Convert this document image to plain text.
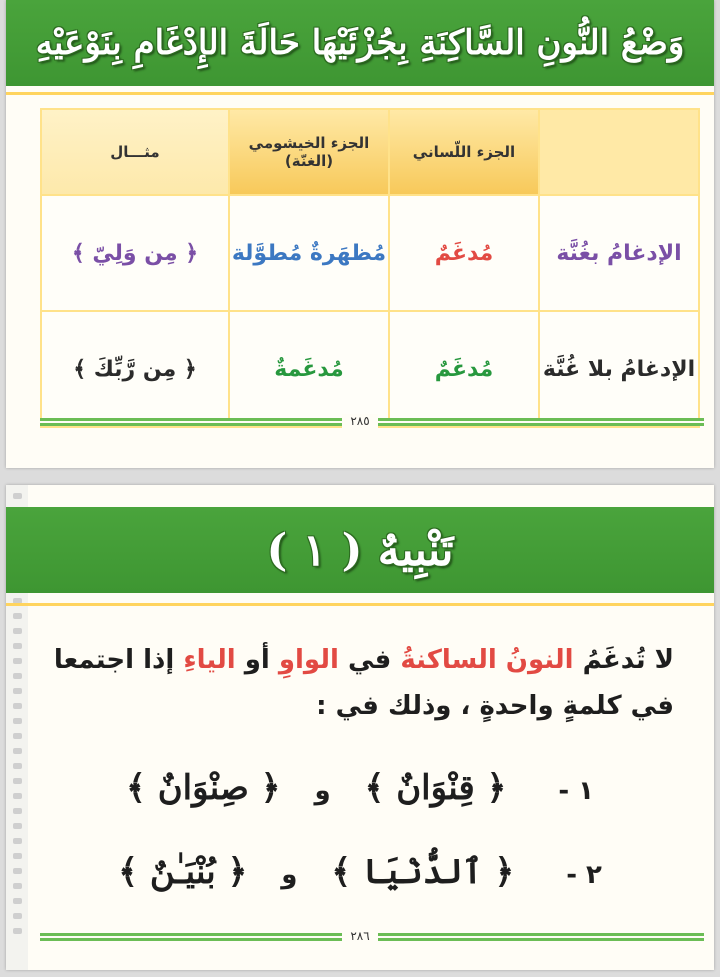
وَضْعُ النُّونِ السَّاكِنَةِ بِجُزْئَيْهَا حَالَةَ الإِدْغَامِ بِنَوْعَيْهِ
	الجزء اللّساني	الجزء الخيشومي (الغنّة)	مثـــال
الإدغامُ بغُنَّة	مُدغَمٌ	مُظهَرةٌ مُطوَّلة	﴿ مِن وَلِيّ ﴾
الإدغامُ بلا غُنَّة	مُدغَمٌ	مُدغَمةٌ	﴿ مِن رَّبِّكَ ﴾
٢٨٥
تَنْبِيهٌ ( ١ )
لا تُدغَمُ النونُ الساكنةُ في الواوِ أو الياءِ إذا اجتمعا
في كلمةٍ واحدةٍ ، وذلك في :
١ - ﴿ قِنْوَانٌ ﴾ و ﴿ صِنْوَانٌ ﴾
٢ - ﴿ ٱلدُّنْيَا ﴾ و ﴿ بُنْيَـٰنٌ ﴾
٢٨٦
